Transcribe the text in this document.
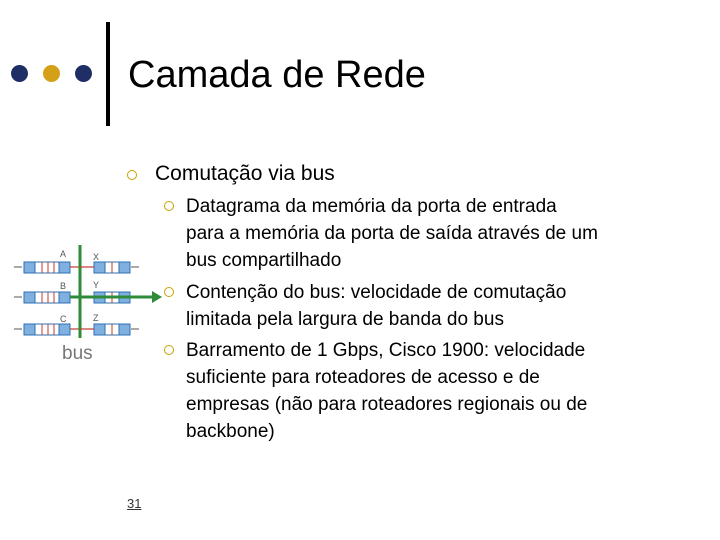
Camada de Rede
Comutação via bus
Datagrama da memória da porta de entrada
para a memória da porta de saída através de um
bus compartilhado
Contenção do bus: velocidade de comutação
limitada pela largura de banda do bus
Barramento de 1 Gbps, Cisco 1900: velocidade
suficiente para roteadores de acesso e de
empresas (não para roteadores regionais ou de
backbone)
A
B
C
X
Y
Z
bus
31
